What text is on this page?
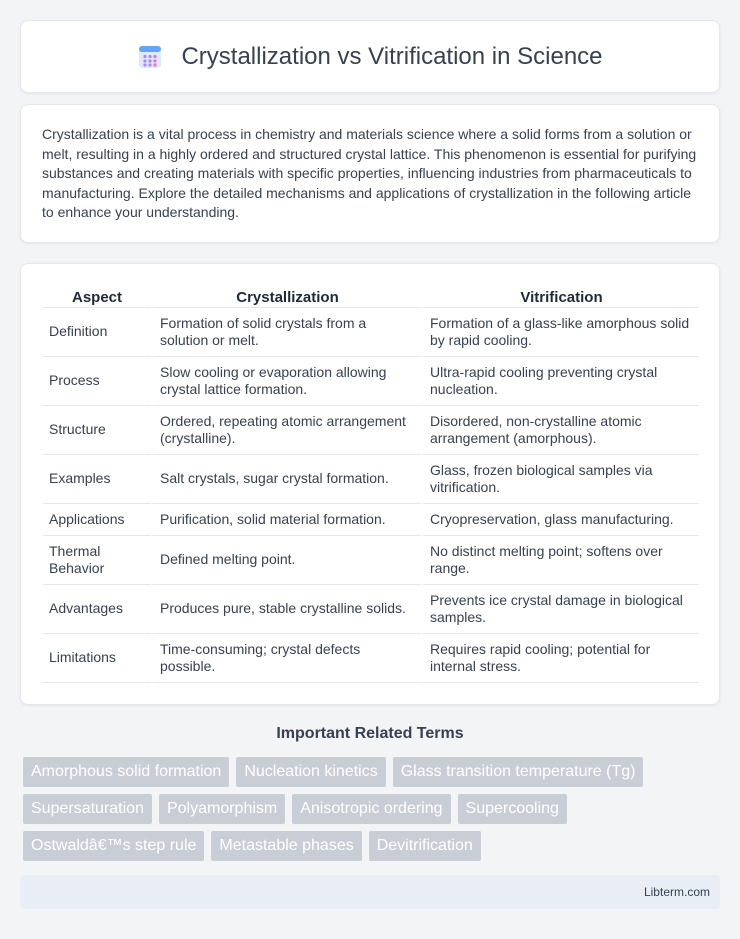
Crystallization vs Vitrification in Science

Crystallization is a vital process in chemistry and materials science where a solid forms from a solution or melt, resulting in a highly ordered and structured crystal lattice. This phenomenon is essential for purifying substances and creating materials with specific properties, influencing industries from pharmaceuticals to manufacturing. Explore the detailed mechanisms and applications of crystallization in the following article to enhance your understanding.

Aspect	Crystallization	Vitrification
Definition	Formation of solid crystals from a solution or melt.	Formation of a glass-like amorphous solid by rapid cooling.
Process	Slow cooling or evaporation allowing crystal lattice formation.	Ultra-rapid cooling preventing crystal nucleation.
Structure	Ordered, repeating atomic arrangement (crystalline).	Disordered, non-crystalline atomic arrangement (amorphous).
Examples	Salt crystals, sugar crystal formation.	Glass, frozen biological samples via vitrification.
Applications	Purification, solid material formation.	Cryopreservation, glass manufacturing.
Thermal Behavior	Defined melting point.	No distinct melting point; softens over range.
Advantages	Produces pure, stable crystalline solids.	Prevents ice crystal damage in biological samples.
Limitations	Time-consuming; crystal defects possible.	Requires rapid cooling; potential for internal stress.
Important Related Terms
Amorphous solid formation	Nucleation kinetics	Glass transition temperature (Tg)
Supersaturation	Polyamorphism	Anisotropic ordering	Supercooling
Ostwaldâ€™s step rule	Metastable phases	Devitrification
Libterm.com
